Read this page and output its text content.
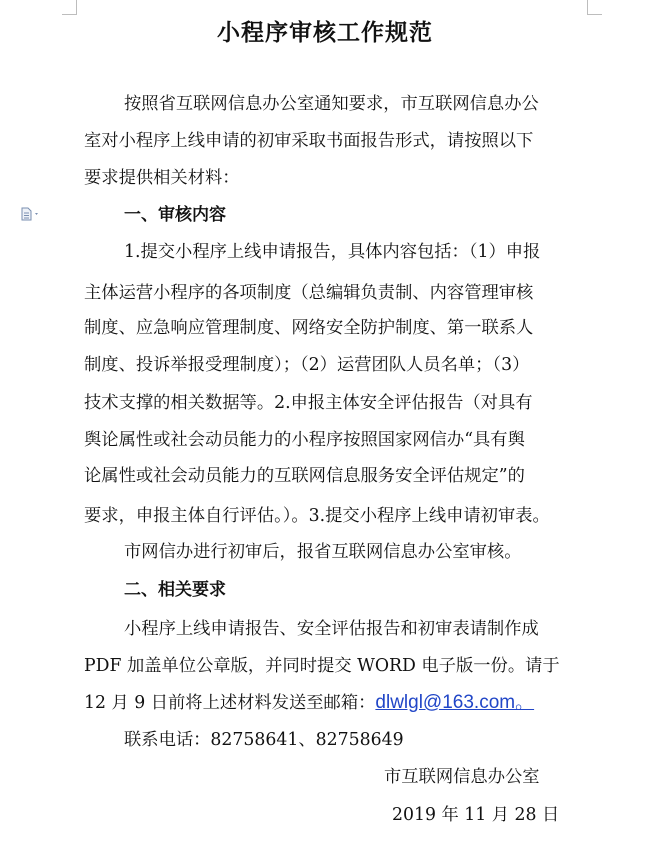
小程序审核工作规范
按照省互联网信息办公室通知要求，市互联网信息办公
室对小程序上线申请的初审采取书面报告形式，请按照以下
要求提供相关材料：
一、审核内容
1.提交小程序上线申请报告，具体内容包括：（1）申报
主体运营小程序的各项制度（总编辑负责制、内容管理审核
制度、应急响应管理制度、网络安全防护制度、第一联系人
制度、投诉举报受理制度）；（2）运营团队人员名单；（3）
技术支撑的相关数据等。2.申报主体安全评估报告（对具有
舆论属性或社会动员能力的小程序按照国家网信办“具有舆
论属性或社会动员能力的互联网信息服务安全评估规定”的
要求，申报主体自行评估。）。3.提交小程序上线申请初审表。
市网信办进行初审后，报省互联网信息办公室审核。
二、相关要求
小程序上线申请报告、安全评估报告和初审表请制作成
PDF 加盖单位公章版，并同时提交 WORD 电子版一份。请于
12 月 9 日前将上述材料发送至邮箱：dlwlgl@163.com。
联系电话：82758641、82758649
市互联网信息办公室
2019 年 11 月 28 日
